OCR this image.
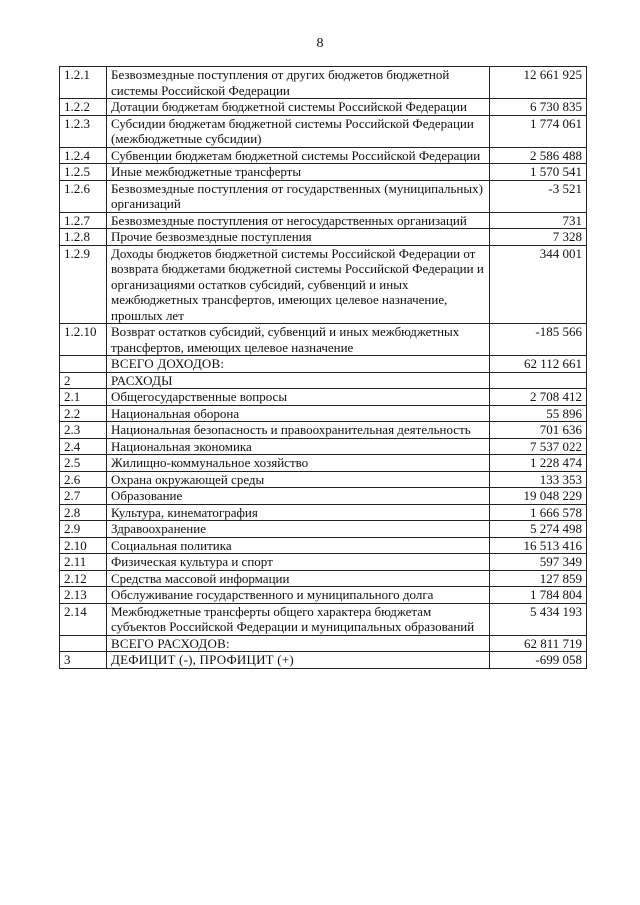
8
1.2.1	Безвозмездные поступления от других бюджетов бюджетной системы Российской Федерации	12 661 925
1.2.2	Дотации бюджетам бюджетной системы Российской Федерации	6 730 835
1.2.3	Субсидии бюджетам бюджетной системы Российской Федерации (межбюджетные субсидии)	1 774 061
1.2.4	Субвенции бюджетам бюджетной системы Российской Федерации	2 586 488
1.2.5	Иные межбюджетные трансферты	1 570 541
1.2.6	Безвозмездные поступления от государственных (муниципальных) организаций	-3 521
1.2.7	Безвозмездные поступления от негосударственных организаций	731
1.2.8	Прочие безвозмездные поступления	7 328
1.2.9	Доходы бюджетов бюджетной системы Российской Федерации от возврата бюджетами бюджетной системы Российской Федерации и организациями остатков субсидий, субвенций и иных межбюджетных трансфертов, имеющих целевое назначение, прошлых лет	344 001
1.2.10	Возврат остатков субсидий, субвенций и иных межбюджетных трансфертов, имеющих целевое назначение	-185 566
	ВСЕГО ДОХОДОВ:	62 112 661
2	РАСХОДЫ	
2.1	Общегосударственные вопросы	2 708 412
2.2	Национальная оборона	55 896
2.3	Национальная безопасность и правоохранительная деятельность	701 636
2.4	Национальная экономика	7 537 022
2.5	Жилищно-коммунальное хозяйство	1 228 474
2.6	Охрана окружающей среды	133 353
2.7	Образование	19 048 229
2.8	Культура, кинематография	1 666 578
2.9	Здравоохранение	5 274 498
2.10	Социальная политика	16 513 416
2.11	Физическая культура и спорт	597 349
2.12	Средства массовой информации	127 859
2.13	Обслуживание государственного и муниципального долга	1 784 804
2.14	Межбюджетные трансферты общего характера бюджетам субъектов Российской Федерации и муниципальных образований	5 434 193
	ВСЕГО РАСХОДОВ:	62 811 719
3	ДЕФИЦИТ (-), ПРОФИЦИТ (+)	-699 058
